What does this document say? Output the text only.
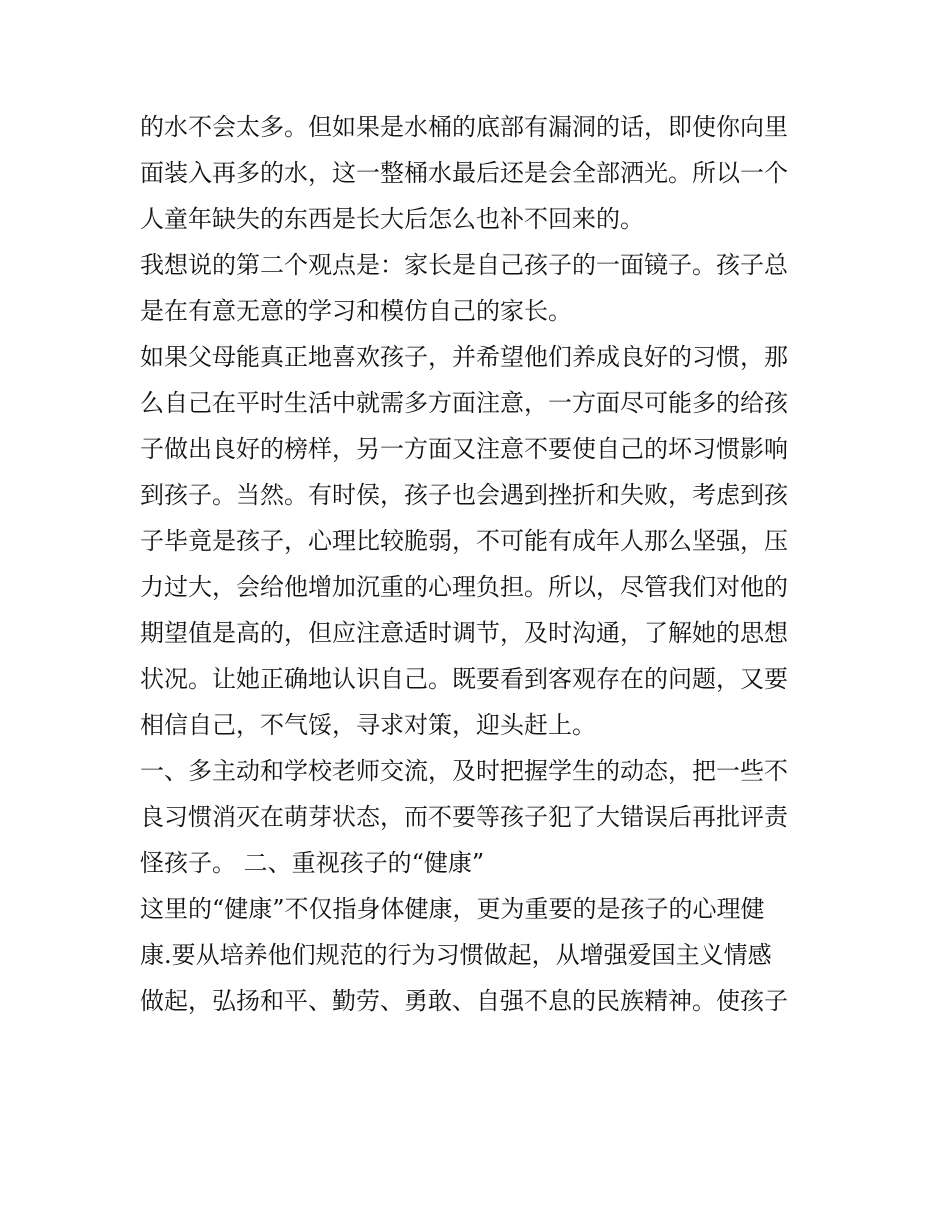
的水不会太多。但如果是水桶的底部有漏洞的话，即使你向里

面装入再多的水，这一整桶水最后还是会全部洒光。所以一个

人童年缺失的东西是长大后怎么也补不回来的。

我想说的第二个观点是：家长是自己孩子的一面镜子。孩子总

是在有意无意的学习和模仿自己的家长。

如果父母能真正地喜欢孩子，并希望他们养成良好的习惯，那

么自己在平时生活中就需多方面注意，一方面尽可能多的给孩

子做出良好的榜样，另一方面又注意不要使自己的坏习惯影响

到孩子。当然。有时侯，孩子也会遇到挫折和失败，考虑到孩

子毕竟是孩子，心理比较脆弱，不可能有成年人那么坚强，压

力过大，会给他增加沉重的心理负担。所以，尽管我们对他的

期望值是高的，但应注意适时调节，及时沟通，了解她的思想

状况。让她正确地认识自己。既要看到客观存在的问题，又要

相信自己，不气馁，寻求对策，迎头赶上。

一、多主动和学校老师交流，及时把握学生的动态，把一些不

良习惯消灭在萌芽状态，而不要等孩子犯了大错误后再批评责

怪孩子。 二、重视孩子的“健康”

这里的“健康”不仅指身体健康，更为重要的是孩子的心理健

康.要从培养他们规范的行为习惯做起，从增强爱国主义情感

做起，弘扬和平、勤劳、勇敢、自强不息的民族精神。使孩子
